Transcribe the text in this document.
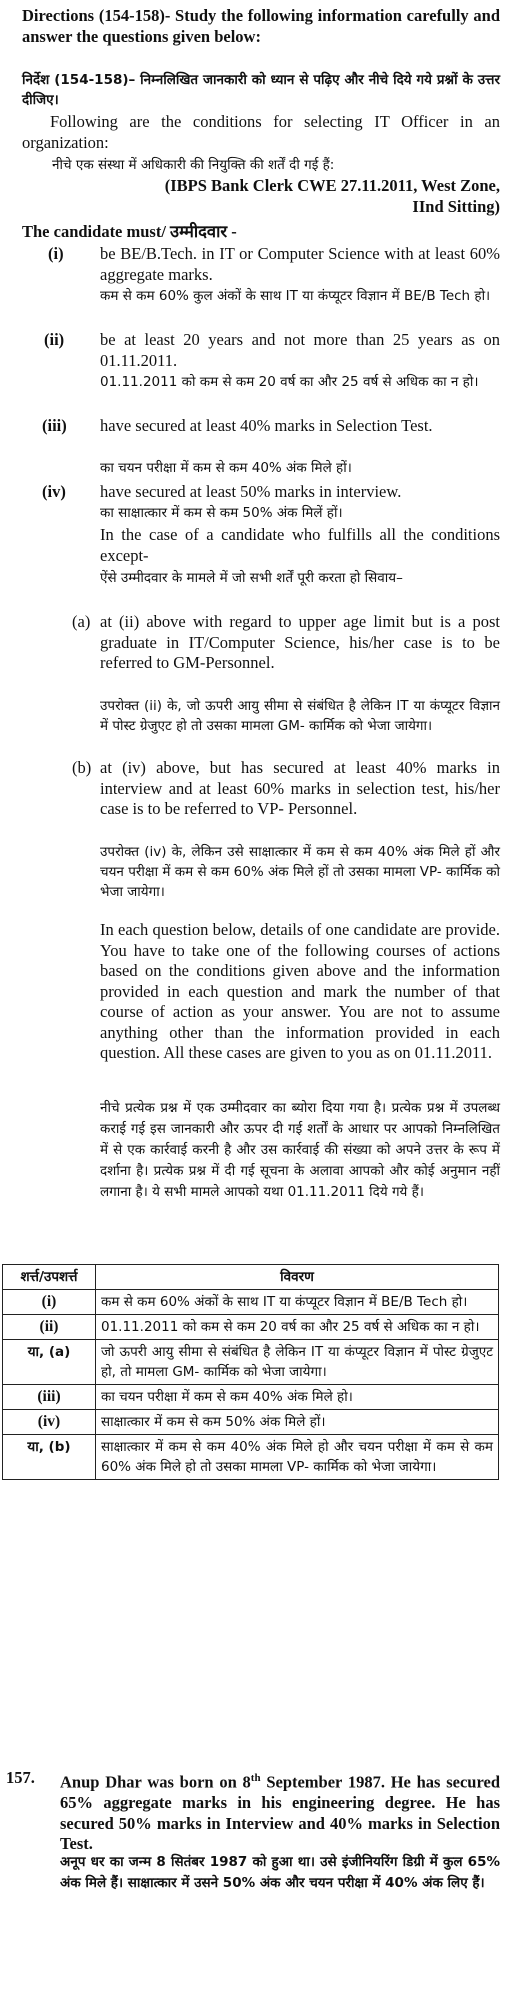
Directions (154-158)- Study the following information carefully and answer the questions given below:

निर्देश (154-158)– निम्नलिखित जानकारी को ध्यान से पढ़िए और नीचे दिये गये प्रश्नों के उत्तर दीजिए।

Following are the conditions for selecting IT Officer in an organization:

नीचे एक संस्था में अधिकारी की नियुक्ति की शर्तें दी गई हैं:

(IBPS Bank Clerk CWE 27.11.2011, West Zone, IInd Sitting)

The candidate must/ उम्मीदवार -

(i) be BE/B.Tech. in IT or Computer Science with at least 60% aggregate marks.

कम से कम 60% कुल अंकों के साथ IT या कंप्यूटर विज्ञान में BE/B Tech हो।

(ii) be at least 20 years and not more than 25 years as on 01.11.2011.

01.11.2011 को कम से कम 20 वर्ष का और 25 वर्ष से अधिक का न हो।

(iii) have secured at least 40% marks in Selection Test.

का चयन परीक्षा में कम से कम 40% अंक मिले हों।

(iv) have secured at least 50% marks in interview.

का साक्षात्कार में कम से कम 50% अंक मिलें हों।

In the case of a candidate who fulfills all the conditions except-

ऐंसे उम्मीदवार के मामले में जो सभी शर्तें पूरी करता हो सिवाय–

(a) at (ii) above with regard to upper age limit but is a post graduate in IT/Computer Science, his/her case is to be referred to GM-Personnel.

उपरोक्त (ii) के, जो ऊपरी आयु सीमा से संबंधित है लेकिन IT या कंप्यूटर विज्ञान में पोस्ट ग्रेजुएट हो तो उसका मामला GM- कार्मिक को भेजा जायेगा।

(b) at (iv) above, but has secured at least 40% marks in interview and at least 60% marks in selection test, his/her case is to be referred to VP- Personnel.

उपरोक्त (iv) के, लेकिन उसे साक्षात्कार में कम से कम 40% अंक मिले हों और चयन परीक्षा में कम से कम 60% अंक मिले हों तो उसका मामला VP- कार्मिक को भेजा जायेगा।

In each question below, details of one candidate are provide. You have to take one of the following courses of actions based on the conditions given above and the information provided in each question and mark the number of that course of action as your answer. You are not to assume anything other than the information provided in each question. All these cases are given to you as on 01.11.2011.

नीचे प्रत्येक प्रश्न में एक उम्मीदवार का ब्योरा दिया गया है। प्रत्येक प्रश्न में उपलब्ध कराई गई इस जानकारी और ऊपर दी गई शर्तों के आधार पर आपको निम्नलिखित में से एक कार्रवाई करनी है और उस कार्रवाई की संख्या को अपने उत्तर के रूप में दर्शाना है। प्रत्येक प्रश्न में दी गई सूचना के अलावा आपको और कोई अनुमान नहीं लगाना है। ये सभी मामले आपको यथा 01.11.2011 दिये गये हैं।

शर्त्त/उपशर्त्त	विवरण
(i)	कम से कम 60% अंकों के साथ IT या कंप्यूटर विज्ञान में BE/B Tech हो।
(ii)	01.11.2011 को कम से कम 20 वर्ष का और 25 वर्ष से अधिक का न हो।
या, (a)	जो ऊपरी आयु सीमा से संबंधित है लेकिन IT या कंप्यूटर विज्ञान में पोस्ट ग्रेजुएट हो, तो मामला GM- कार्मिक को भेजा जायेगा।
(iii)	का चयन परीक्षा में कम से कम 40% अंक मिले हो।
(iv)	साक्षात्कार में कम से कम 50% अंक मिले हों।
या, (b)	साक्षात्कार में कम से कम 40% अंक मिले हो और चयन परीक्षा में कम से कम 60% अंक मिले हो तो उसका मामला VP- कार्मिक को भेजा जायेगा।
157. Anup Dhar was born on 8th September 1987. He has secured 65% aggregate marks in his engineering degree. He has secured 50% marks in Interview and 40% marks in Selection Test.

अनूप धर का जन्म 8 सितंबर 1987 को हुआ था। उसे इंजीनियरिंग डिग्री में कुल 65% अंक मिले हैं। साक्षात्कार में उसने 50% अंक और चयन परीक्षा में 40% अंक लिए हैं।
